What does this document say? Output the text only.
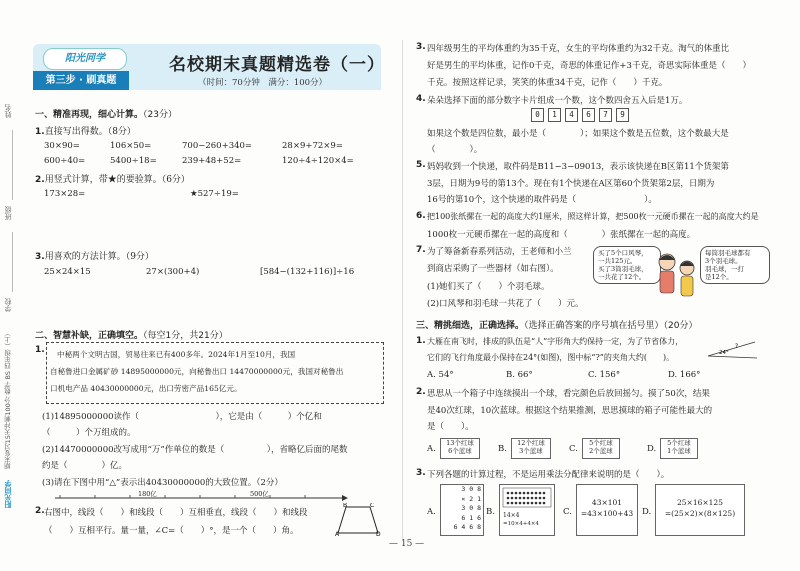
姓名
班级
学校
期末复习15天冲刺100分 数学 BS 四年级（上）
阳光同学
阳光同学
第三步 · 刷真题
名校期末真题精选卷（一）
（时间：70分钟　满分：100分）
一、精准再现，细心计算。（23分）
1.直接写出得数。（8分）
30×90=	106×50=	700−260+340=	28×9+72×9=
600÷40=	5400÷18=	239+48+52=	120÷4÷120×4=
2.用竖式计算，带★的要验算。（6分）
173×28=	★527÷19=
3.用喜欢的方法计算。（9分）
25×24×15	27×(300+4)	[584−(132+116)]÷16
二、智慧补缺，正确填空。（每空1分，共21分）
1. 中秘两个文明古国，贸易往来已有400多年。2024年1月至10月，我国
自秘鲁进口金属矿砂 14895000000元，向秘鲁出口 14470000000元，我国对秘鲁出
口机电产品 40430000000元，出口劳密产品165亿元。
(1)14895000000读作（　　　　　　　　　），它是由（　　　）个亿和
（　　　）个万组成的。
(2)14470000000改写成用“万”作单位的数是（　　　　　），省略亿后面的尾数
约是（　　　　）亿。
(3)请在下图中用“△”表示出40430000000的大致位置。（2分）
180亿	500亿
2. 右图中，线段（　　）和线段（　　）互相垂直，线段（　　）和线段
（　　）互相平行。量一量，∠C=（　　）°，是一个（　　）角。	A
B	C
D
3. 四年级男生的平均体重约为35千克，女生的平均体重约为32千克。淘气的体重比
好是男生的平均体重，记作0千克，奇思的体重记作+3千克，奇思实际体重是（　　）
千克。按照这样记录，笑笑的体重34千克，记作（　　）千克。
4. 朵朵选择下面的部分数字卡片组成一个数，这个数四舍五入后是1万。
0	1	4	6	7	9
如果这个数是四位数，最小是（　　　　）；如果这个数是五位数，这个数最大是
（　　　　）。
5. 妈妈收到一个快递，取件码是B11−3−09013，表示该快递在B区第11个货架第
3层，日期为9号的第13个。现在有1个快递在A区第60个货架第2层，日期为
16号的第10个，这个快递的取件码是（　　　　　　　　）。
6. 把100张纸摞在一起的高度大约1厘米，照这样计算，把500枚一元硬币摞在一起的高度大约是
1000枚一元硬币摞在一起的高度和（　　　　）张纸摞在一起的高度。
7. 为了筹备新春系列活动，王老师和小兰
到商店采购了一些器材（如右图）。
(1)她们买了（　　）个羽毛球。
(2)口风琴和羽毛球一共花了（　　）元。
买了5个口风琴，
一共125元。
买了3筒羽毛球，
一共花了12个。
每筒羽毛球都有
3个羽毛球。
羽毛球，一打
是12个。
三、精挑细选，正确选择。（选择正确答案的序号填在括号里）（20分）
1. 大雁在南飞时，排成的队伍是“人”字形角大约保持一定，为了节省体力，
它们的飞行角度最小保持在24°(如图)，图中标“?”的夹角大约(　　)。	24°
?
A. 54°	B. 66°	C. 156°	D. 166°
2. 思思从一个箱子中连续摸出一个球，看完颜色后放回摇匀。摸了50次，结果
是40次红球，10次蓝球。根据这个结果推测，思思摸球的箱子可能性最大的
是（　　）。
A.
13个红球
6个蓝球	B.
12个红球
3个蓝球	C.
5个红球
2个蓝球	D.
5个红球
1个蓝球
3. 下列各题的计算过程，不是运用乘法分配律来说明的是（　　）。
A.
3 0 8
× 2 1
3 0 8
6 1 6
6 4 6 8
B.	14×4
=10×4+4×4
C.
43×101
=43×100+43	D.
25×16×125
=(25×2)×(8×125)
— 15 —
